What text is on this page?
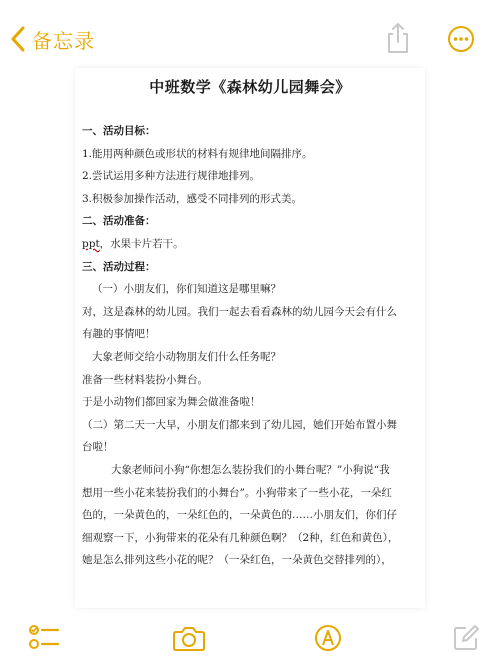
备忘录
中班数学《森林幼儿园舞会》
一、活动目标：
1.能用两种颜色或形状的材料有规律地间隔排序。
2.尝试运用多种方法进行规律地排列。
3.积极参加操作活动，感受不同排列的形式美。
二、活动准备：
ppt，水果卡片若干。
三、活动过程：
（一）小朋友们，你们知道这是哪里嘛？
对，这是森林的幼儿园。我们一起去看看森林的幼儿园今天会有什么
有趣的事情吧！
大象老师交给小动物朋友们什么任务呢？
准备一些材料装扮小舞台。
于是小动物们都回家为舞会做准备啦！
（二）第二天一大早，小朋友们都来到了幼儿园，她们开始布置小舞
台啦！
大象老师问小狗“你想怎么装扮我们的小舞台呢？”小狗说“我
想用一些小花来装扮我们的小舞台”。小狗带来了一些小花，一朵红
色的，一朵黄色的，一朵红色的，一朵黄色的……小朋友们，你们仔
细观察一下，小狗带来的花朵有几种颜色啊？（2种，红色和黄色），
她是怎么排列这些小花的呢？（一朵红色，一朵黄色交替排列的），
